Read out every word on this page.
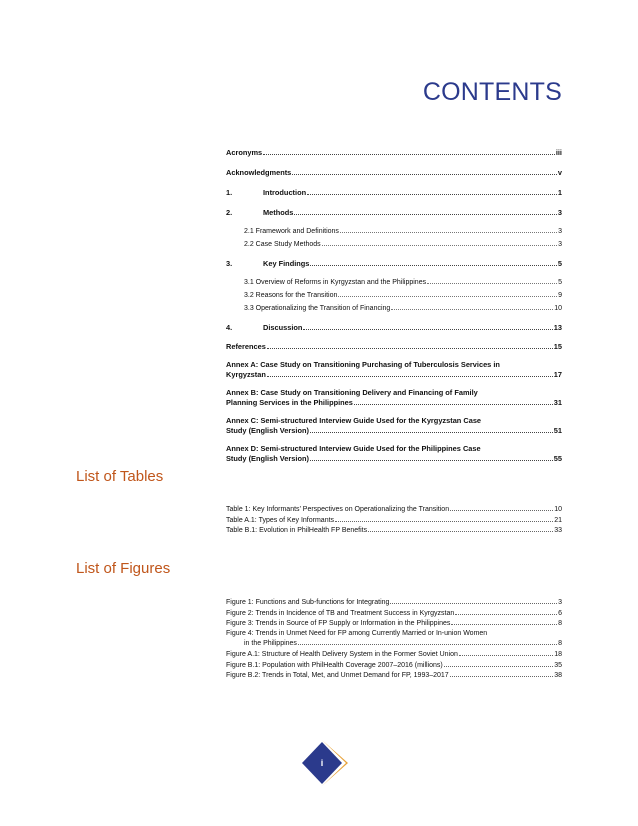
CONTENTS
Acronyms	iii
Acknowledgments	v
1.	Introduction	1
2.	Methods	3
2.1 Framework and Definitions	3
2.2 Case Study Methods	3
3.	Key Findings	5
3.1 Overview of Reforms in Kyrgyzstan and the Philippines	5
3.2 Reasons for the Transition	9
3.3 Operationalizing the Transition of Financing	10
4.	Discussion	13
References	15
Annex A: Case Study on Transitioning Purchasing of Tuberculosis Services in
Kyrgyzstan	17
Annex B: Case Study on Transitioning Delivery and Financing of Family
Planning Services in the Philippines	31
Annex C: Semi-structured Interview Guide Used for the Kyrgyzstan Case
Study (English Version)	51
Annex D: Semi-structured Interview Guide Used for the Philippines Case
Study (English Version)	55
List of Tables
Table 1: Key Informants’ Perspectives on Operationalizing the Transition	10
Table A.1: Types of Key Informants	21
Table B.1: Evolution in PhilHealth FP Benefits	33
List of Figures
Figure 1: Functions and Sub-functions for Integrating	3
Figure 2: Trends in Incidence of TB and Treatment Success in Kyrgyzstan	6
Figure 3: Trends in Source of FP Supply or Information in the Philippines	8
Figure 4: Trends in Unmet Need for FP among Currently Married or In-union Women
in the Philippines	8
Figure A.1: Structure of Health Delivery System in the Former Soviet Union	18
Figure B.1: Population with PhilHealth Coverage 2007–2016 (millions)	35
Figure B.2: Trends in Total, Met, and Unmet Demand for FP, 1993–2017	38
i
